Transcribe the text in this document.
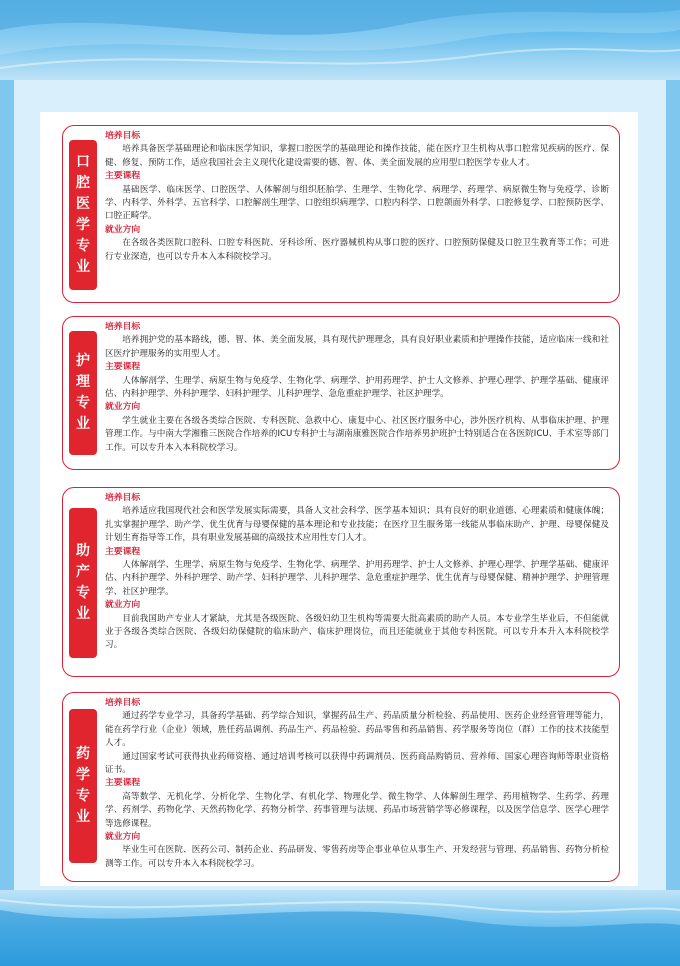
口
腔
医
学
专
业
培养目标

培养具备医学基础理论和临床医学知识，掌握口腔医学的基础理论和操作技能，能在医疗卫生机构从事口腔常见疾病的医疗、保健、修复、预防工作，适应我国社会主义现代化建设需要的德、智、体、美全面发展的应用型口腔医学专业人才。

主要课程

基础医学、临床医学、口腔医学、人体解剖与组织胚胎学、生理学、生物化学、病理学、药理学、病原微生物与免疫学、诊断学、内科学、外科学、五官科学、口腔解剖生理学、口腔组织病理学、口腔内科学、口腔颌面外科学、口腔修复学、口腔预防医学、口腔正畸学。

就业方向

在各级各类医院口腔科、口腔专科医院、牙科诊所、医疗器械机构从事口腔的医疗、口腔预防保健及口腔卫生教育等工作；可进行专业深造，也可以专升本入本科院校学习。

护
理
专
业
培养目标

培养拥护党的基本路线，德、智、体、美全面发展，具有现代护理理念，具有良好职业素质和护理操作技能，适应临床一线和社区医疗护理服务的实用型人才。

主要课程

人体解剖学、生理学、病原生物与免疫学、生物化学、病理学、护用药理学、护士人文修养、护理心理学、护理学基础、健康评估、内科护理学、外科护理学、妇科护理学、儿科护理学、急危重症护理学、社区护理学。

就业方向

学生就业主要在各级各类综合医院、专科医院、急救中心、康复中心、社区医疗服务中心，涉外医疗机构、从事临床护理、护理管理工作。与中南大学湘雅三医院合作培养的ICU专科护士与湖南康雅医院合作培养男护班护士特别适合在各医院ICU、手术室等部门工作。可以专升本入本科院校学习。

助
产
专
业
培养目标

培养适应我国现代社会和医学发展实际需要，具备人文社会科学、医学基本知识；具有良好的职业道德、心理素质和健康体魄；扎实掌握护理学、助产学、优生优育与母婴保健的基本理论和专业技能；在医疗卫生服务第一线能从事临床助产、护理、母婴保健及计划生育指导等工作，具有职业发展基础的高级技术应用性专门人才。

主要课程

人体解剖学、生理学、病原生物与免疫学、生物化学、病理学、护用药理学、护士人文修养、护理心理学、护理学基础、健康评估、内科护理学、外科护理学、助产学、妇科护理学、儿科护理学、急危重症护理学、优生优育与母婴保健、精神护理学、护理管理学、社区护理学。

就业方向

目前我国助产专业人才紧缺，尤其是各级医院、各级妇幼卫生机构等需要大批高素质的助产人员。本专业学生毕业后，不但能就业于各级各类综合医院、各级妇幼保健院的临床助产、临床护理岗位，而且还能就业于其他专科医院。可以专升本升入本科院校学习。

药
学
专
业
培养目标

通过药学专业学习，具备药学基础、药学综合知识，掌握药品生产、药品质量分析检验、药品使用、医药企业经营管理等能力，能在药学行业（企业）领域，胜任药品调剂、药品生产、药品检验、药品零售和药品销售、药学服务等岗位（群）工作的技术技能型人才。

通过国家考试可获得执业药师资格、通过培训考核可以获得中药调剂员、医药商品购销员、营养师、国家心理咨询师等职业资格证书。

主要课程

高等数学、无机化学、分析化学、生物化学、有机化学、物理化学、微生物学、人体解剖生理学、药用植物学、生药学、药理学、药剂学、药物化学、天然药物化学、药物分析学、药事管理与法规、药品市场营销学等必修课程，以及医学信息学、医学心理学等选修课程。

就业方向

毕业生可在医院、医药公司、制药企业、药品研发、零售药房等企事业单位从事生产、开发经营与管理、药品销售、药物分析检测等工作。可以专升本入本科院校学习。
